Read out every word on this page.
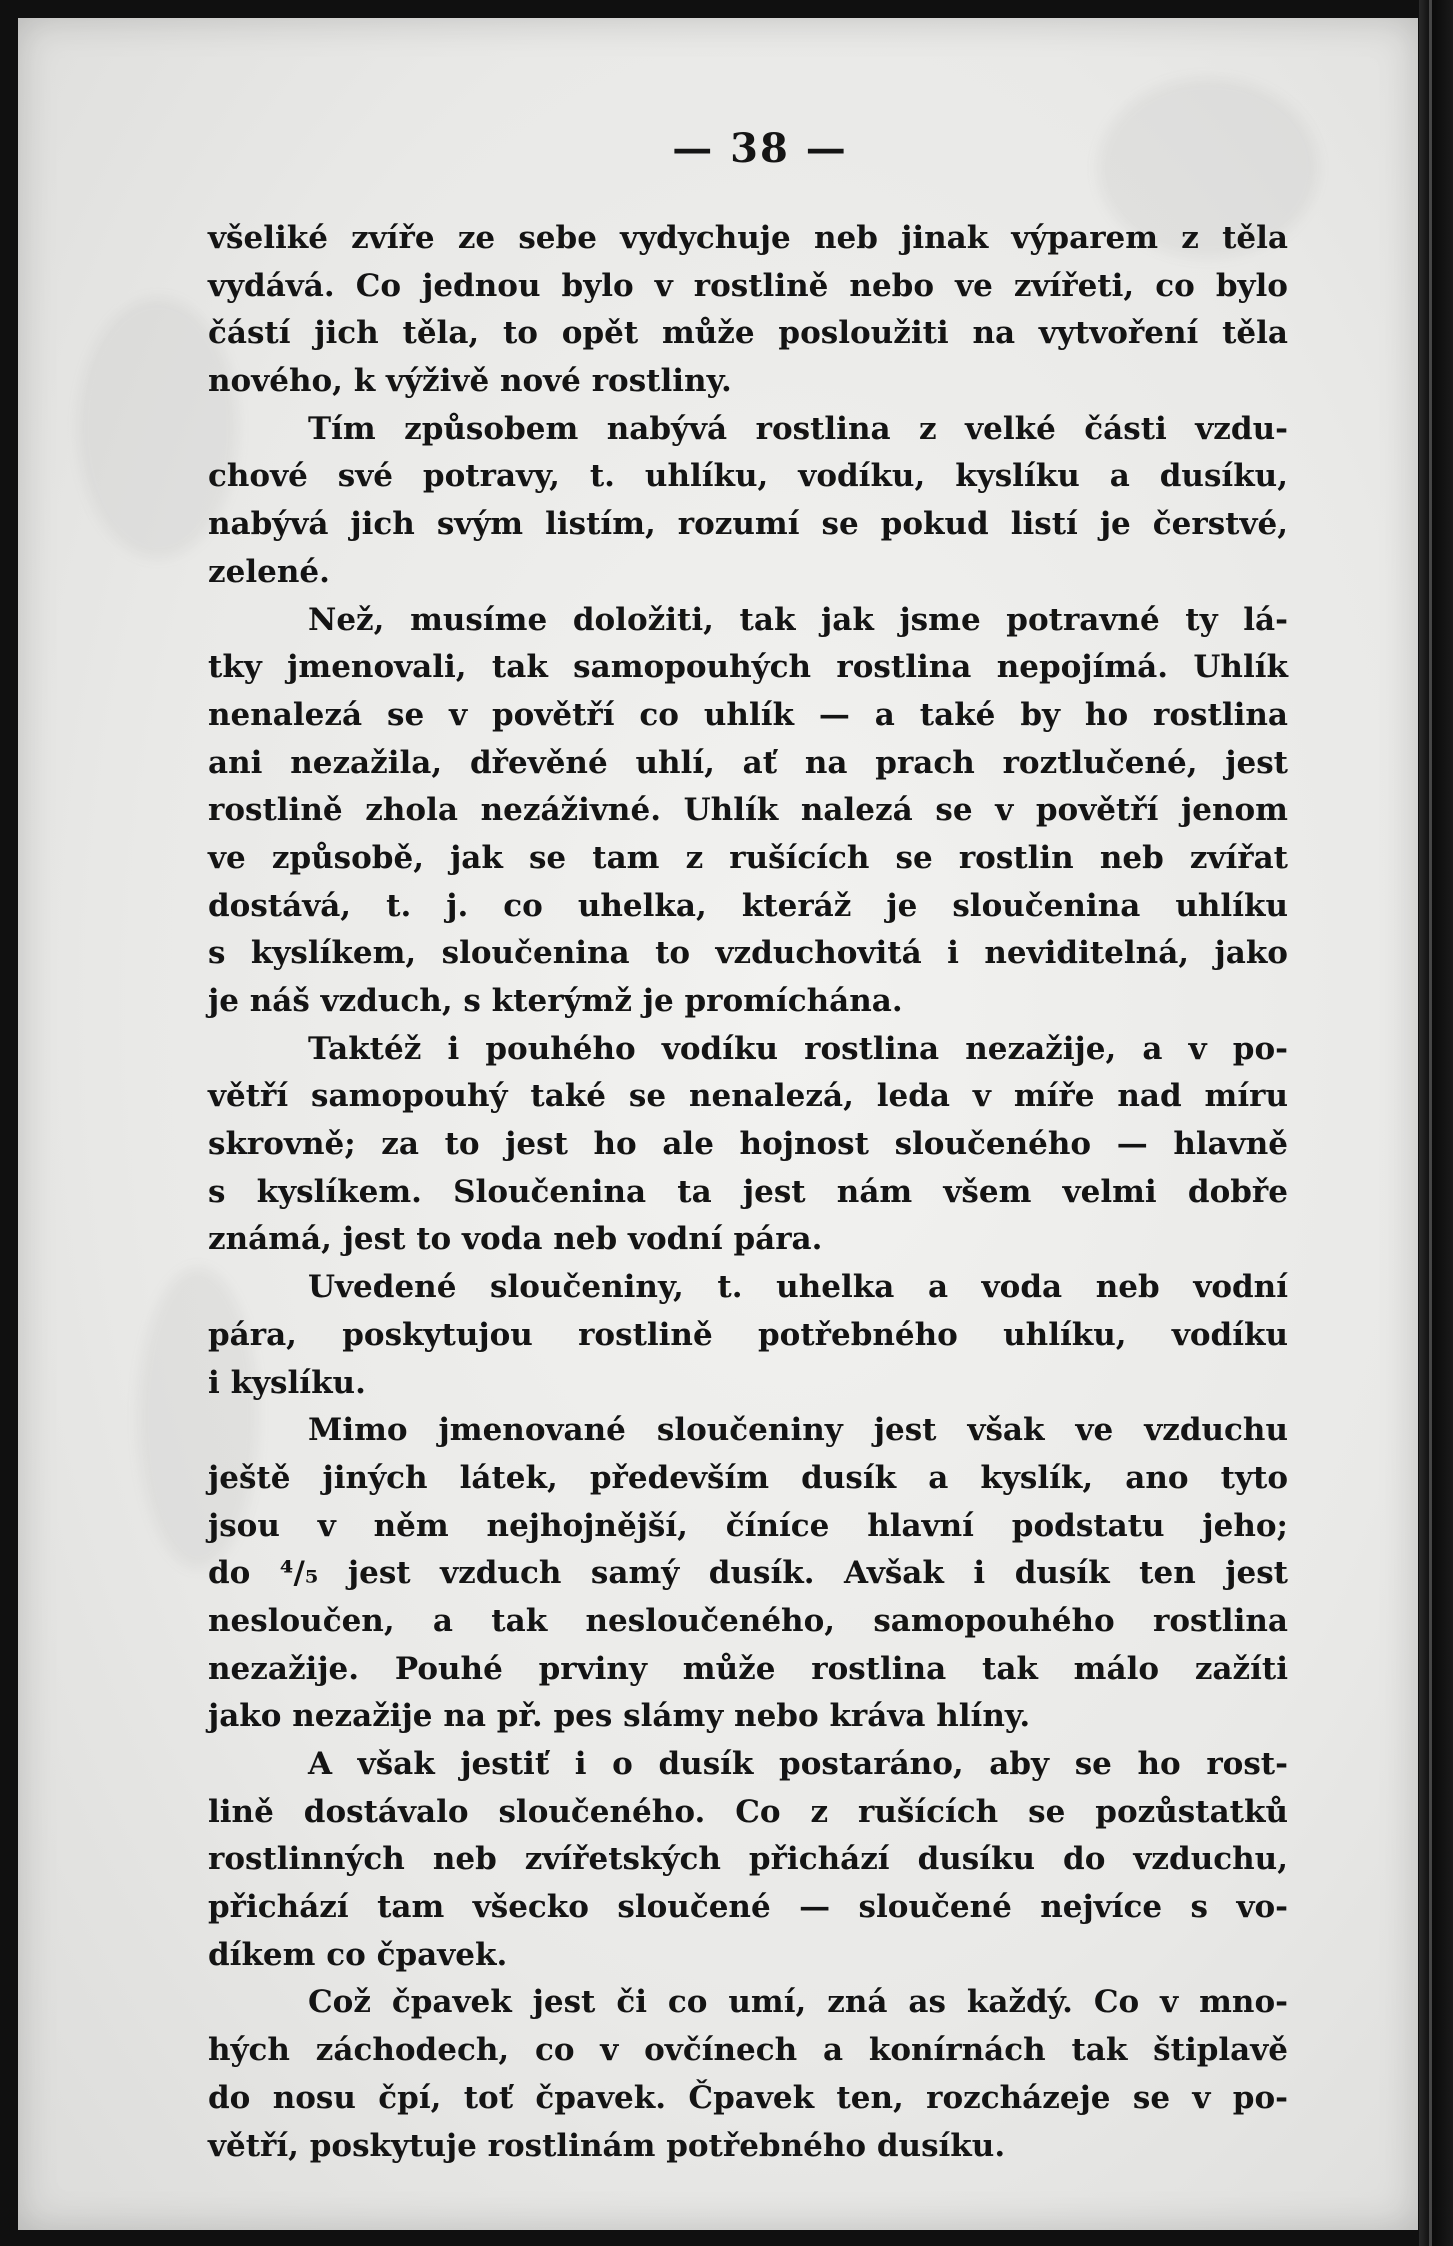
— 38 —
všeliké zvíře ze sebe vydychuje neb jinak výparem z těla
vydává. Co jednou bylo v rostlině nebo ve zvířeti, co bylo
částí jich těla, to opět může posloužiti na vytvoření těla
nového, k výživě nové rostliny.
Tím způsobem nabývá rostlina z velké části vzdu-
chové své potravy, t. uhlíku, vodíku, kyslíku a dusíku,
nabývá jich svým listím, rozumí se pokud listí je čerstvé,
zelené.
Než, musíme doložiti, tak jak jsme potravné ty lá-
tky jmenovali, tak samopouhých rostlina nepojímá. Uhlík
nenalezá se v povětří co uhlík — a také by ho rostlina
ani nezažila, dřevěné uhlí, ať na prach roztlučené, jest
rostlině zhola nezáživné. Uhlík nalezá se v povětří jenom
ve způsobě, jak se tam z rušících se rostlin neb zvířat
dostává, t. j. co uhelka, kteráž je sloučenina uhlíku
s kyslíkem, sloučenina to vzduchovitá i neviditelná, jako
je náš vzduch, s kterýmž je promíchána.
Taktéž i pouhého vodíku rostlina nezažije, a v po-
větří samopouhý také se nenalezá, leda v míře nad míru
skrovně; za to jest ho ale hojnost sloučeného — hlavně
s kyslíkem. Sloučenina ta jest nám všem velmi dobře
známá, jest to voda neb vodní pára.
Uvedené sloučeniny, t. uhelka a voda neb vodní
pára, poskytujou rostlině potřebného uhlíku, vodíku
i kyslíku.
Mimo jmenované sloučeniny jest však ve vzduchu
ještě jiných látek, především dusík a kyslík, ano tyto
jsou v něm nejhojnější, číníce hlavní podstatu jeho;
do ⁴/₅ jest vzduch samý dusík. Avšak i dusík ten jest
nesloučen, a tak nesloučeného, samopouhého rostlina
nezažije. Pouhé prviny může rostlina tak málo zažíti
jako nezažije na př. pes slámy nebo kráva hlíny.
A však jestiť i o dusík postaráno, aby se ho rost-
lině dostávalo sloučeného. Co z rušících se pozůstatků
rostlinných neb zvířetských přichází dusíku do vzduchu,
přichází tam všecko sloučené — sloučené nejvíce s vo-
díkem co čpavek.
Což čpavek jest či co umí, zná as každý. Co v mno-
hých záchodech, co v ovčínech a konírnách tak štiplavě
do nosu čpí, toť čpavek. Čpavek ten, rozcházeje se v po-
větří, poskytuje rostlinám potřebného dusíku.
